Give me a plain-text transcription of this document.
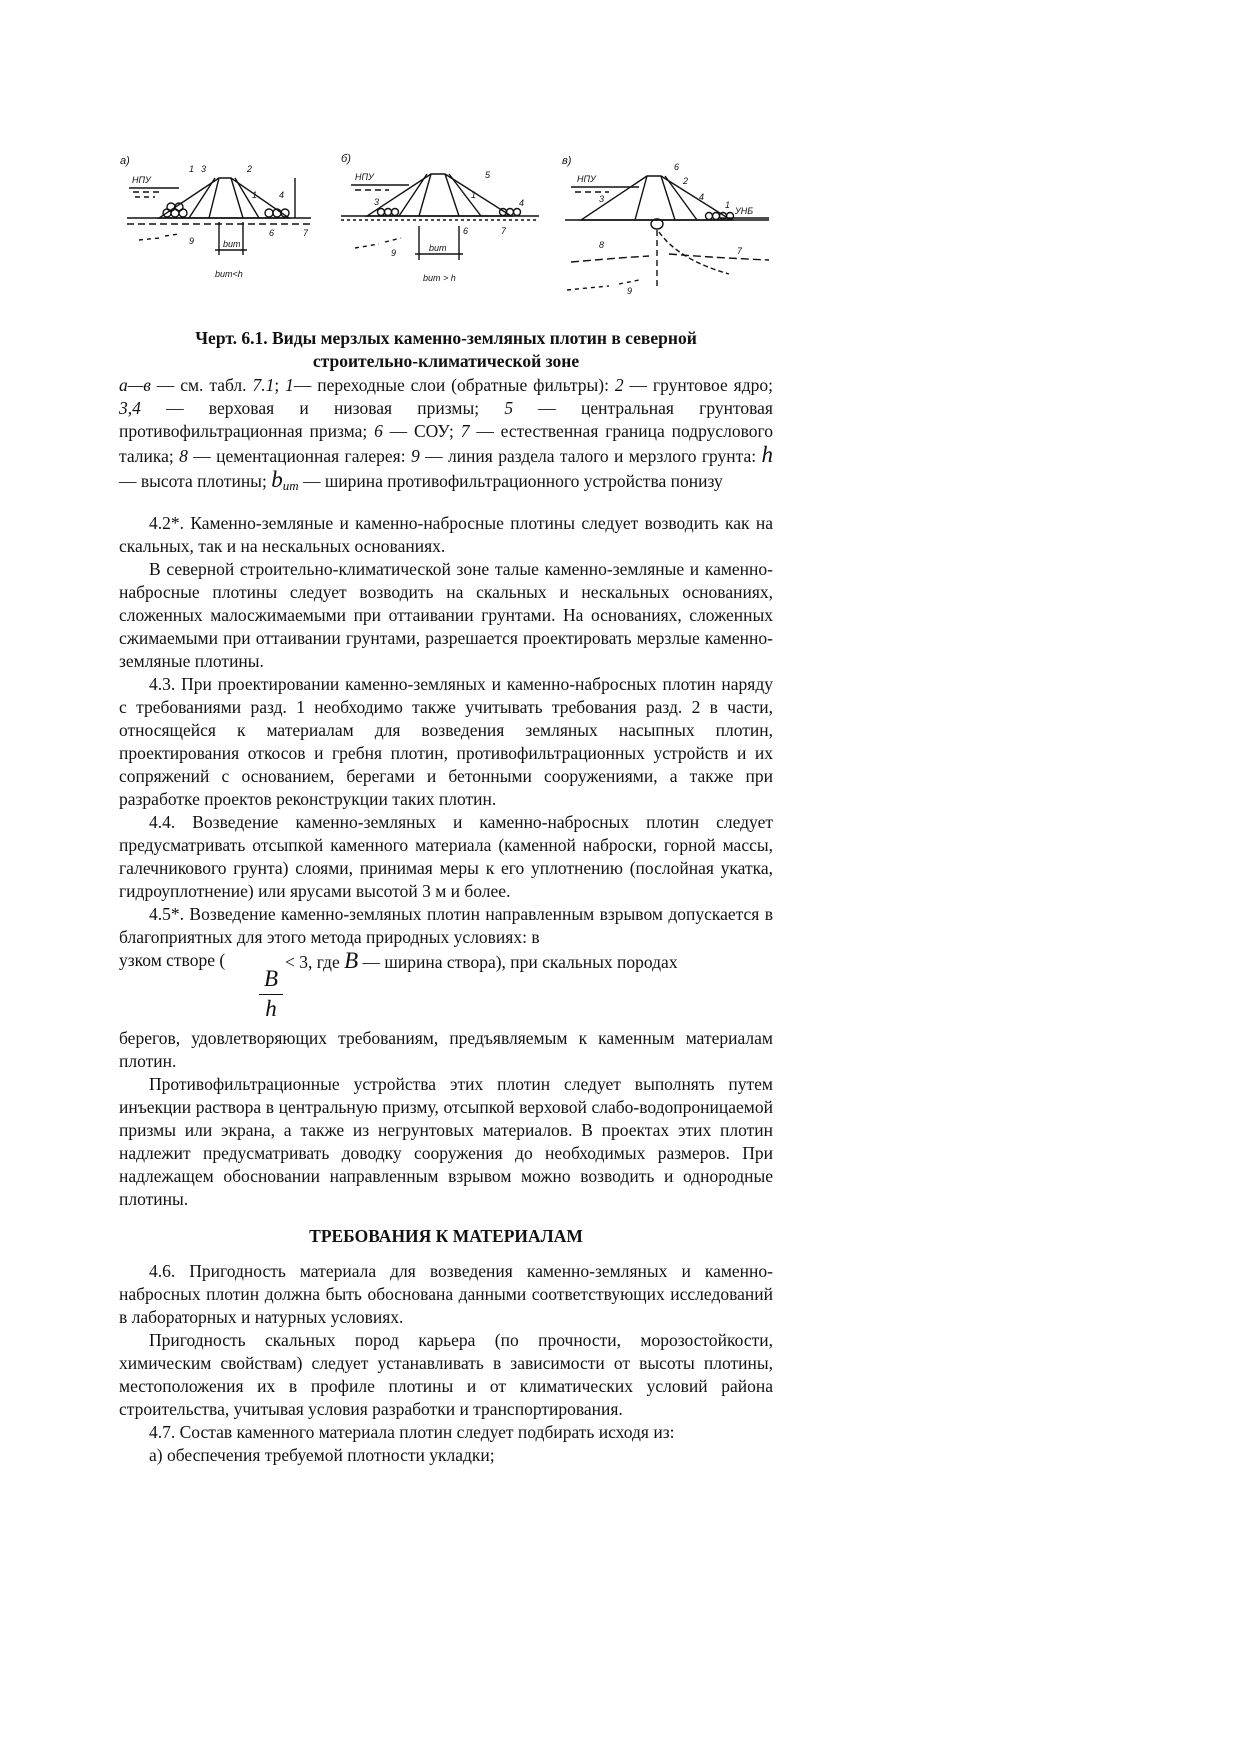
а)
НПУ
bит
bит<h
1 3	2
1 4
6	7
9
б)
НПУ
bит
bит > h
5
3
1
4
6	7
9
в)
НПУ
УНБ
6
2
3	4
1
8
7
9
Черт. 6.1. Виды мерзлых каменно-земляных плотин в северной
строительно-климатической зоне
а—в — см. табл. 7.1; 1— переходные слои (обратные фильтры): 2 — грунтовое ядро; 3,4 — верховая и низовая призмы; 5 — центральная грунтовая противофильтрационная призма; 6 — СОУ; 7 — естественная граница подруслового талика; 8 — цементационная галерея: 9 — линия раздела талого и мерзлого грунта: h — высота плотины; $b_{um}$ — ширина противофильтрационного устройства понизу

4.2*. Каменно-земляные и каменно-набросные плотины следует возводить как на скальных, так и на нескальных основаниях.

В северной строительно-климатической зоне талые каменно-земляные и каменно-набросные плотины следует возводить на скальных и нескальных основаниях, сложенных малосжимаемыми при оттаивании грунтами. На основаниях, сложенных сжимаемыми при оттаивании грунтами, разрешается проектировать мерзлые каменно-земляные плотины.

4.3. При проектировании каменно-земляных и каменно-набросных плотин наряду с требованиями разд. 1 необходимо также учитывать требования разд. 2 в части, относящейся к материалам для возведения земляных насыпных плотин, проектирования откосов и гребня плотин, противофильтрационных устройств и их сопряжений с основанием, берегами и бетонными сооружениями, а также при разработке проектов реконструкции таких плотин.

4.4. Возведение каменно-земляных и каменно-набросных плотин следует предусматривать отсыпкой каменного материала (каменной наброски, горной массы, галечникового грунта) слоями, принимая меры к его уплотнению (послойная укатка, гидроуплотнение) или ярусами высотой 3 м и более.

4.5*. Возведение каменно-земляных плотин направленным взрывом допускается в благоприятных для этого метода природных условиях: в

узком створе (
$\frac{B}{h}$
< 3, где B — ширина створа), при скальных породах

берегов, удовлетворяющих требованиям, предъявляемым к каменным материалам плотин.

Противофильтрационные устройства этих плотин следует выполнять путем инъекции раствора в центральную призму, отсыпкой верховой слабо-водопроницаемой призмы или экрана, а также из негрунтовых материалов. В проектах этих плотин надлежит предусматривать доводку сооружения до необходимых размеров. При надлежащем обосновании направленным взрывом можно возводить и однородные плотины.

ТРЕБОВАНИЯ К МАТЕРИАЛАМ

4.6. Пригодность материала для возведения каменно-земляных и каменно-набросных плотин должна быть обоснована данными соответствующих исследований в лабораторных и натурных условиях.

Пригодность скальных пород карьера (по прочности, морозостойкости, химическим свойствам) следует устанавливать в зависимости от высоты плотины, местоположения их в профиле плотины и от климатических условий района строительства, учитывая условия разработки и транспортирования.

4.7. Состав каменного материала плотин следует подбирать исходя из:

а) обеспечения требуемой плотности укладки;
